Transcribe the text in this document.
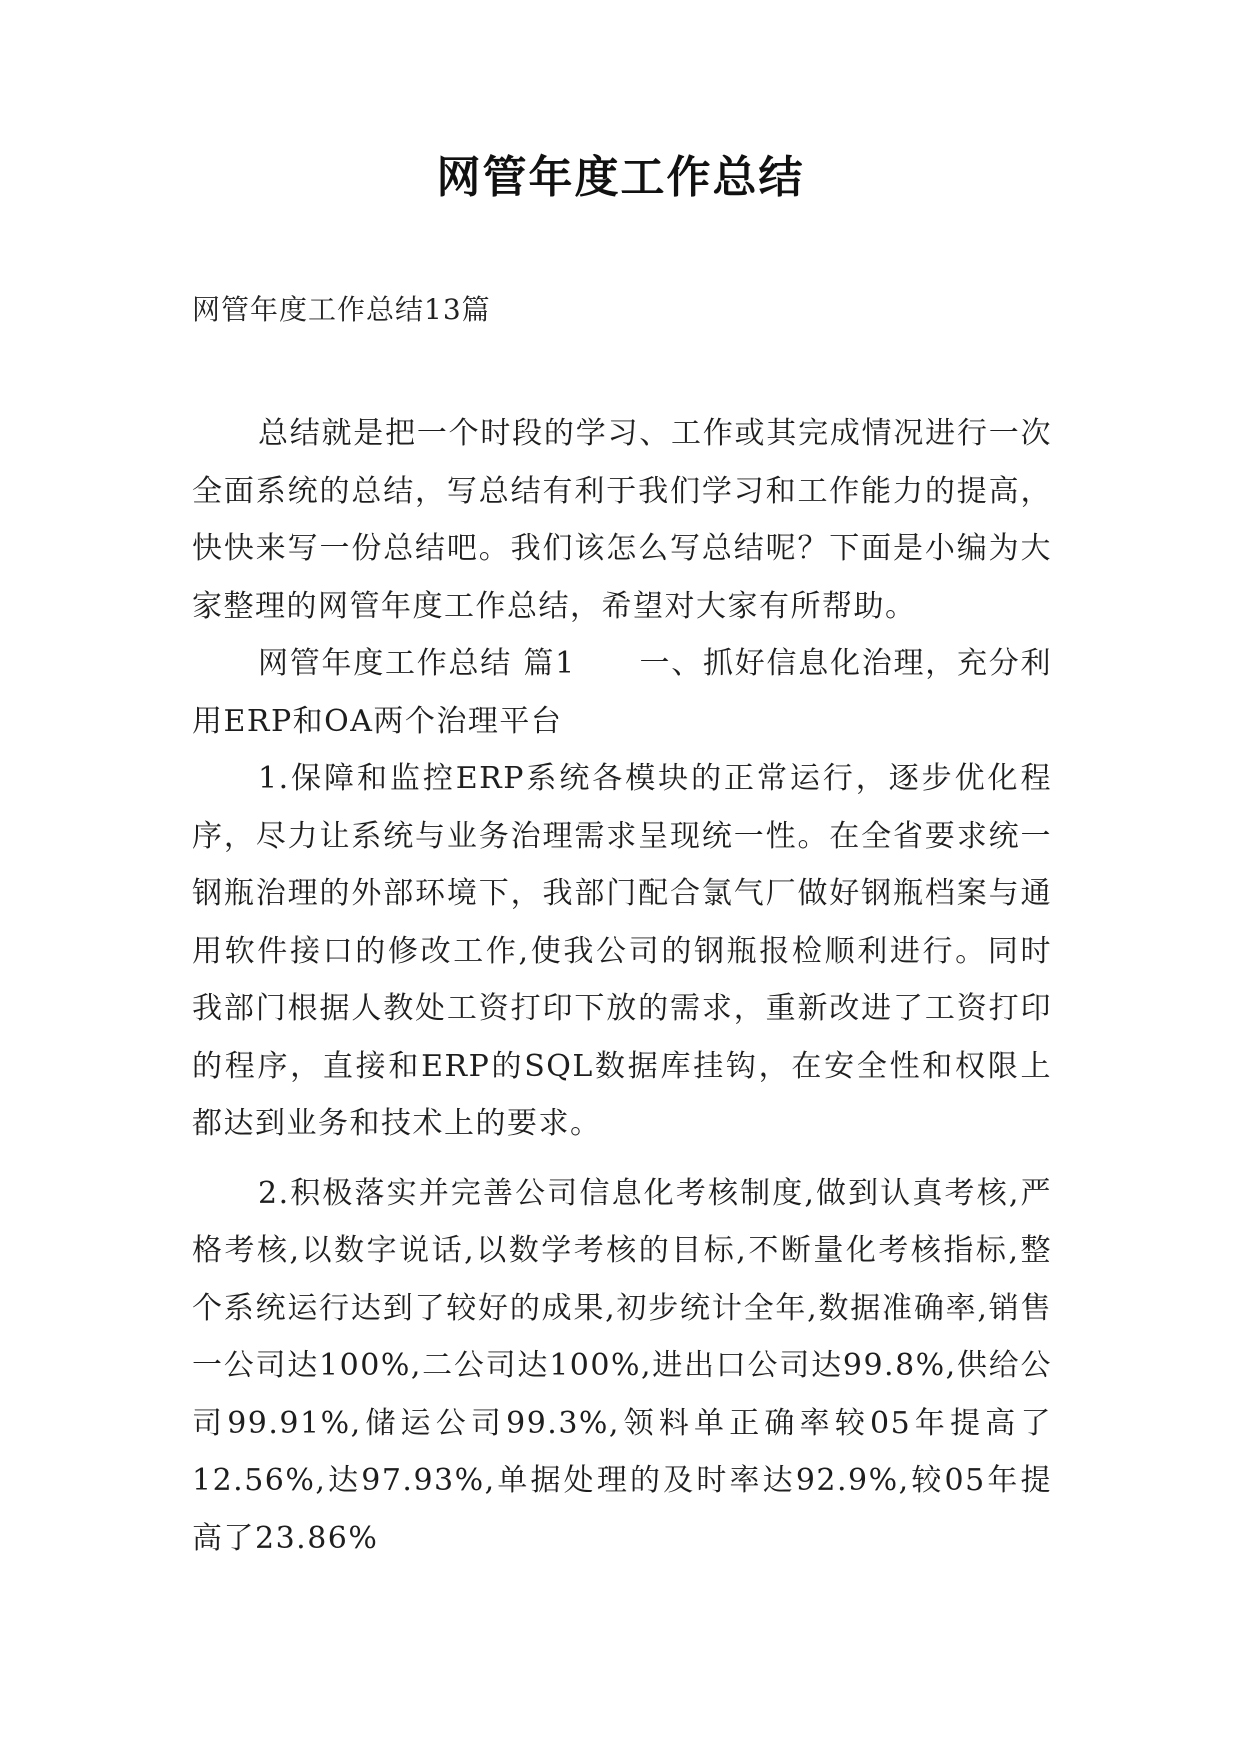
网管年度工作总结
网管年度工作总结13篇

总结就是把一个时段的学习、工作或其完成情况进行一次全面系统的总结，写总结有利于我们学习和工作能力的提高，快快来写一份总结吧。我们该怎么写总结呢？下面是小编为大家整理的网管年度工作总结，希望对大家有所帮助。

网管年度工作总结 篇1　　一、抓好信息化治理，充分利用ERP和OA两个治理平台

1.保障和监控ERP系统各模块的正常运行，逐步优化程序，尽力让系统与业务治理需求呈现统一性。在全省要求统一钢瓶治理的外部环境下，我部门配合氯气厂做好钢瓶档案与通用软件接口的修改工作,使我公司的钢瓶报检顺利进行。同时我部门根据人教处工资打印下放的需求，重新改进了工资打印的程序，直接和ERP的SQL数据库挂钩，在安全性和权限上都达到业务和技术上的要求。

2.积极落实并完善公司信息化考核制度,做到认真考核,严格考核,以数字说话,以数学考核的目标,不断量化考核指标,整个系统运行达到了较好的成果,初步统计全年,数据准确率,销售一公司达100%,二公司达100%,进出口公司达99.8%,供给公司99.91%,储运公司99.3%,领料单正确率较05年提高了12.56%,达97.93%,单据处理的及时率达92.9%,较05年提高了23.86%
